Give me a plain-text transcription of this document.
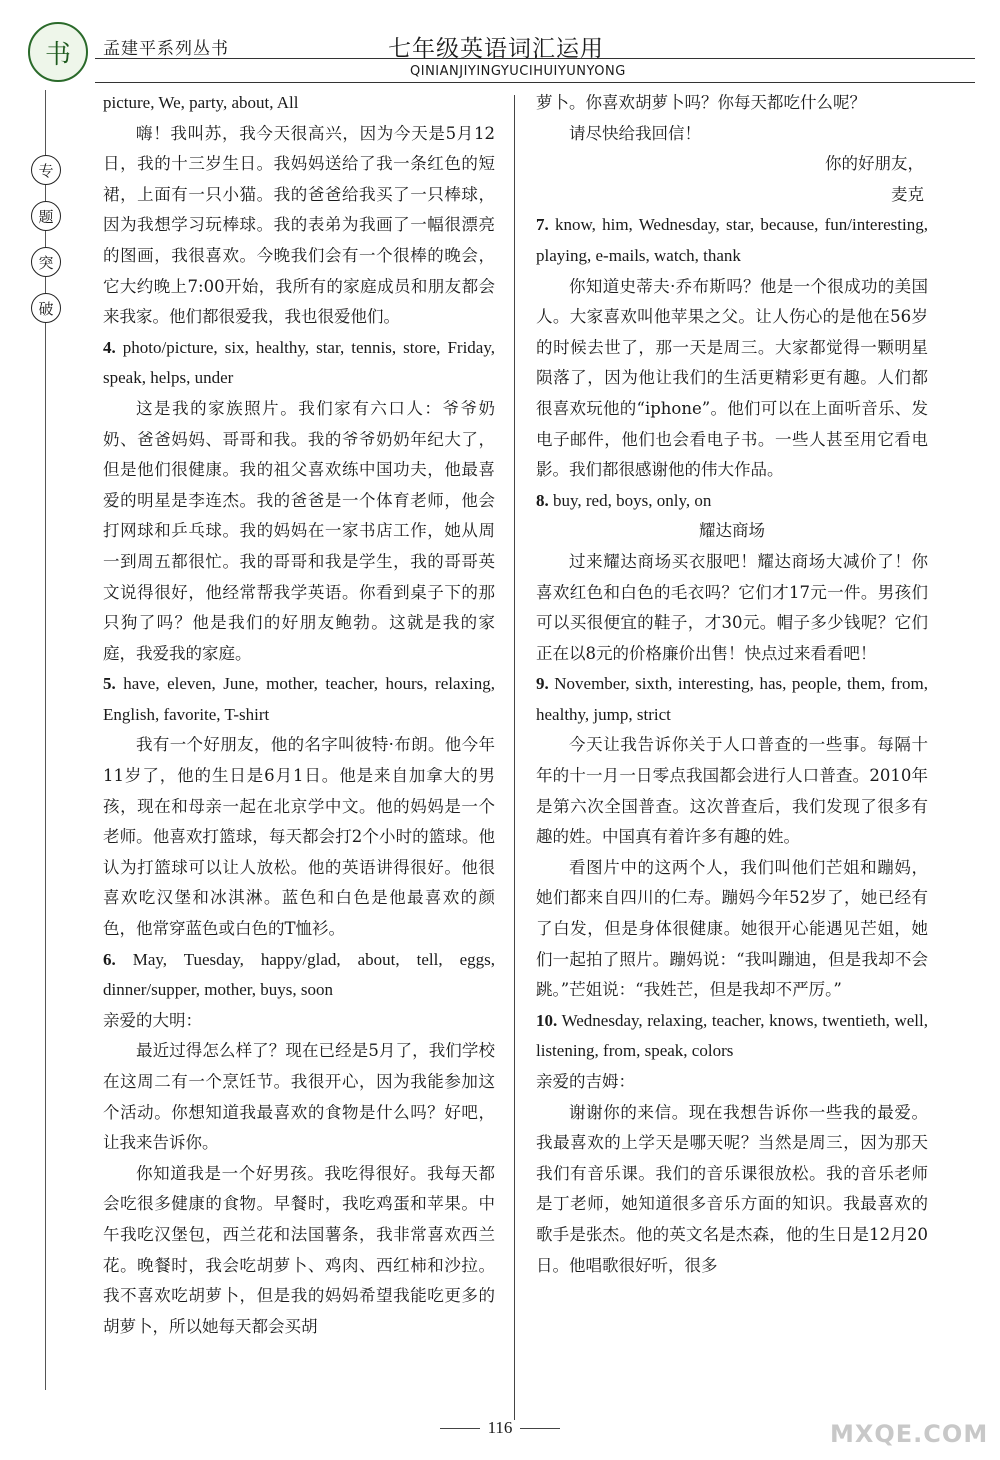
书	孟建平系列丛书	七年级英语词汇运用
QINIANJIYINGYUCIHUIYUNYONG
专
题
突
破

picture, We, party, about, All

嗨！我叫苏，我今天很高兴，因为今天是5月12日，我的十三岁生日。我妈妈送给了我一条红色的短裙，上面有一只小猫。我的爸爸给我买了一只棒球，因为我想学习玩棒球。我的表弟为我画了一幅很漂亮的图画，我很喜欢。今晚我们会有一个很棒的晚会，它大约晚上7:00开始，我所有的家庭成员和朋友都会来我家。他们都很爱我，我也很爱他们。

4. photo/picture, six, healthy, star, tennis, store, Friday, speak, helps, under

这是我的家族照片。我们家有六口人：爷爷奶奶、爸爸妈妈、哥哥和我。我的爷爷奶奶年纪大了，但是他们很健康。我的祖父喜欢练中国功夫，他最喜爱的明星是李连杰。我的爸爸是一个体育老师，他会打网球和乒乓球。我的妈妈在一家书店工作，她从周一到周五都很忙。我的哥哥和我是学生，我的哥哥英文说得很好，他经常帮我学英语。你看到桌子下的那只狗了吗？他是我们的好朋友鲍勃。这就是我的家庭，我爱我的家庭。

5. have, eleven, June, mother, teacher, hours, relaxing, English, favorite, T-shirt

我有一个好朋友，他的名字叫彼特·布朗。他今年11岁了，他的生日是6月1日。他是来自加拿大的男孩，现在和母亲一起在北京学中文。他的妈妈是一个老师。他喜欢打篮球，每天都会打2个小时的篮球。他认为打篮球可以让人放松。他的英语讲得很好。他很喜欢吃汉堡和冰淇淋。蓝色和白色是他最喜欢的颜色，他常穿蓝色或白色的T恤衫。

6. May, Tuesday, happy/glad, about, tell, eggs, dinner/supper, mother, buys, soon

亲爱的大明：

最近过得怎么样了？现在已经是5月了，我们学校在这周二有一个烹饪节。我很开心，因为我能参加这个活动。你想知道我最喜欢的食物是什么吗？好吧，让我来告诉你。

你知道我是一个好男孩。我吃得很好。我每天都会吃很多健康的食物。早餐时，我吃鸡蛋和苹果。中午我吃汉堡包，西兰花和法国薯条，我非常喜欢西兰花。晚餐时，我会吃胡萝卜、鸡肉、西红柿和沙拉。我不喜欢吃胡萝卜，但是我的妈妈希望我能吃更多的胡萝卜，所以她每天都会买胡

萝卜。你喜欢胡萝卜吗？你每天都吃什么呢？

请尽快给我回信！

你的好朋友，

麦克

7. know, him, Wednesday, star, because, fun/interesting, playing, e-mails, watch, thank

你知道史蒂夫·乔布斯吗？他是一个很成功的美国人。大家喜欢叫他苹果之父。让人伤心的是他在56岁的时候去世了，那一天是周三。大家都觉得一颗明星陨落了，因为他让我们的生活更精彩更有趣。人们都很喜欢玩他的“iphone”。他们可以在上面听音乐、发电子邮件，他们也会看电子书。一些人甚至用它看电影。我们都很感谢他的伟大作品。

8. buy, red, boys, only, on

耀达商场

过来耀达商场买衣服吧！耀达商场大减价了！你喜欢红色和白色的毛衣吗？它们才17元一件。男孩们可以买很便宜的鞋子，才30元。帽子多少钱呢？它们正在以8元的价格廉价出售！快点过来看看吧！

9. November, sixth, interesting, has, people, them, from, healthy, jump, strict

今天让我告诉你关于人口普查的一些事。每隔十年的十一月一日零点我国都会进行人口普查。2010年是第六次全国普查。这次普查后，我们发现了很多有趣的姓。中国真有着许多有趣的姓。

看图片中的这两个人，我们叫他们芒姐和蹦妈，她们都来自四川的仁寿。蹦妈今年52岁了，她已经有了白发，但是身体很健康。她很开心能遇见芒姐，她们一起拍了照片。蹦妈说：“我叫蹦迪，但是我却不会跳。”芒姐说：“我姓芒，但是我却不严厉。”

10. Wednesday, relaxing, teacher, knows, twentieth, well, listening, from, speak, colors

亲爱的吉姆：

谢谢你的来信。现在我想告诉你一些我的最爱。我最喜欢的上学天是哪天呢？当然是周三，因为那天我们有音乐课。我们的音乐课很放松。我的音乐老师是丁老师，她知道很多音乐方面的知识。我最喜欢的歌手是张杰。他的英文名是杰森，他的生日是12月20日。他唱歌很好听，很多

116	MXQE.COM
